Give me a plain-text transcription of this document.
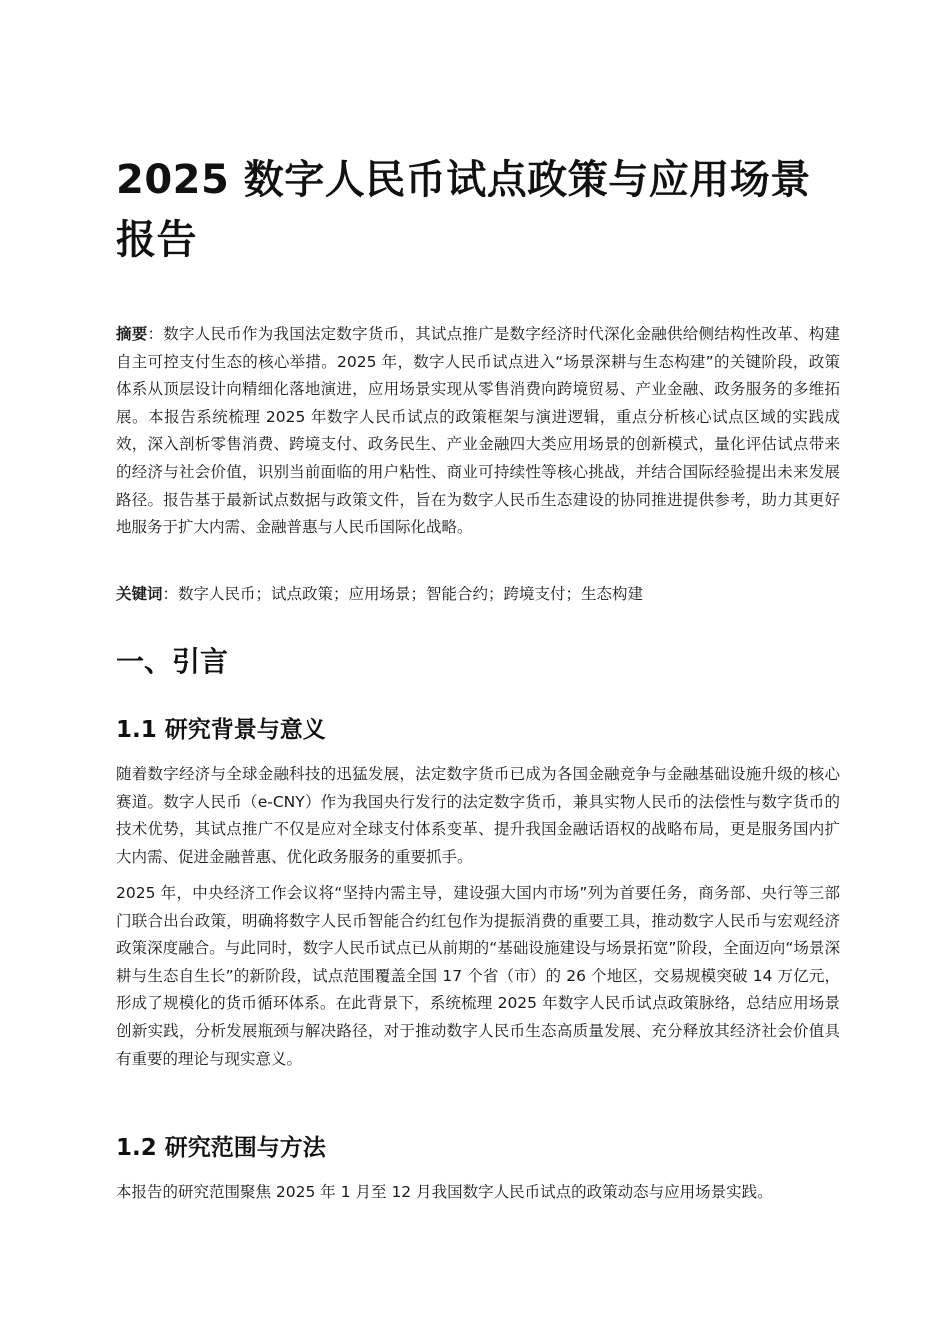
2025 数字人民币试点政策与应用场景报告

摘要：数字人民币作为我国法定数字货币，其试点推广是数字经济时代深化金融供给侧结构性改革、构建自主可控支付生态的核心举措。2025 年，数字人民币试点进入“场景深耕与生态构建”的关键阶段，政策体系从顶层设计向精细化落地演进，应用场景实现从零售消费向跨境贸易、产业金融、政务服务的多维拓展。本报告系统梳理 2025 年数字人民币试点的政策框架与演进逻辑，重点分析核心试点区域的实践成效，深入剖析零售消费、跨境支付、政务民生、产业金融四大类应用场景的创新模式，量化评估试点带来的经济与社会价值，识别当前面临的用户粘性、商业可持续性等核心挑战，并结合国际经验提出未来发展路径。报告基于最新试点数据与政策文件，旨在为数字人民币生态建设的协同推进提供参考，助力其更好地服务于扩大内需、金融普惠与人民币国际化战略。

关键词：数字人民币；试点政策；应用场景；智能合约；跨境支付；生态构建

一、引言
1.1 研究背景与意义

随着数字经济与全球金融科技的迅猛发展，法定数字货币已成为各国金融竞争与金融基础设施升级的核心赛道。数字人民币（e-CNY）作为我国央行发行的法定数字货币，兼具实物人民币的法偿性与数字货币的技术优势，其试点推广不仅是应对全球支付体系变革、提升我国金融话语权的战略布局，更是服务国内扩大内需、促进金融普惠、优化政务服务的重要抓手。

2025 年，中央经济工作会议将“坚持内需主导，建设强大国内市场”列为首要任务，商务部、央行等三部门联合出台政策，明确将数字人民币智能合约红包作为提振消费的重要工具，推动数字人民币与宏观经济政策深度融合。与此同时，数字人民币试点已从前期的“基础设施建设与场景拓宽”阶段，全面迈向“场景深耕与生态自生长”的新阶段，试点范围覆盖全国 17 个省（市）的 26 个地区，交易规模突破 14 万亿元，形成了规模化的货币循环体系。在此背景下，系统梳理 2025 年数字人民币试点政策脉络，总结应用场景创新实践，分析发展瓶颈与解决路径，对于推动数字人民币生态高质量发展、充分释放其经济社会价值具有重要的理论与现实意义。

1.2 研究范围与方法

本报告的研究范围聚焦 2025 年 1 月至 12 月我国数字人民币试点的政策动态与应用场景实践。
